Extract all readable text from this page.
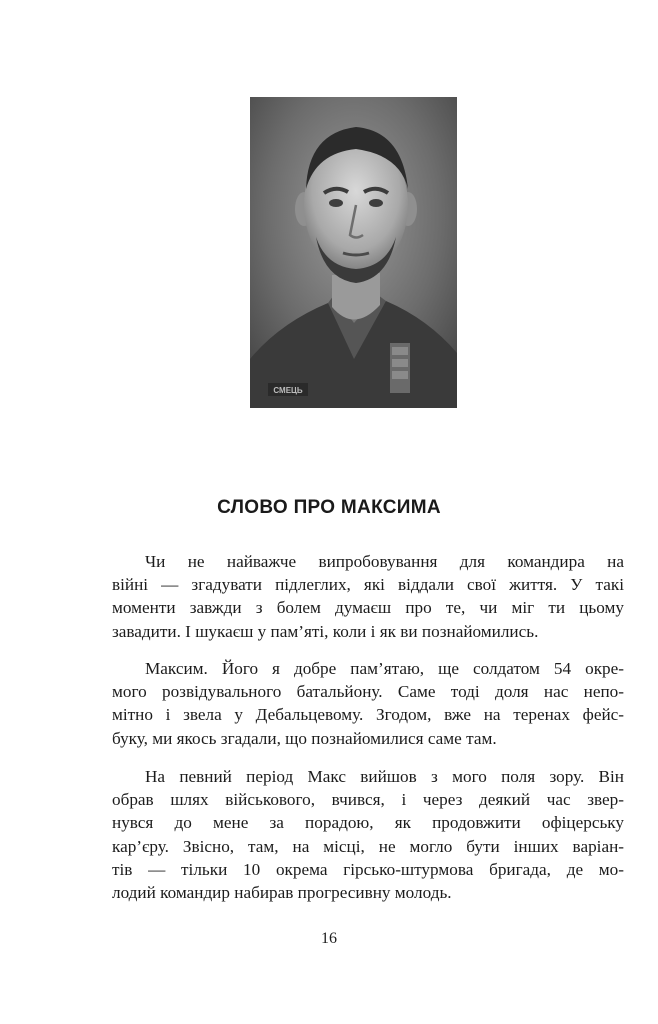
СМЕЦЬ
СЛОВО ПРО МАКСИМА

Чи не найважче випробовування для командира на
війні — згадувати підлеглих, які віддали свої життя. У такі
моменти завжди з болем думаєш про те, чи міг ти цьому
завадити. І шукаєш у пам’яті, коли і як ви познайомились.

Максим. Його я добре пам’ятаю, ще солдатом 54 окре-
мого розвідувального батальйону. Саме тоді доля нас непо-
мітно і звела у Дебальцевому. Згодом, вже на теренах фейс-
буку, ми якось згадали, що познайомилися саме там.

На певний період Макс вийшов з мого поля зору. Він
обрав шлях військового, вчився, і через деякий час звер-
нувся до мене за порадою, як продовжити офіцерську
кар’єру. Звісно, там, на місці, не могло бути інших варіан-
тів — тільки 10 окрема гірсько-штурмова бригада, де мо-
лодий командир набирав прогресивну молодь.

16
